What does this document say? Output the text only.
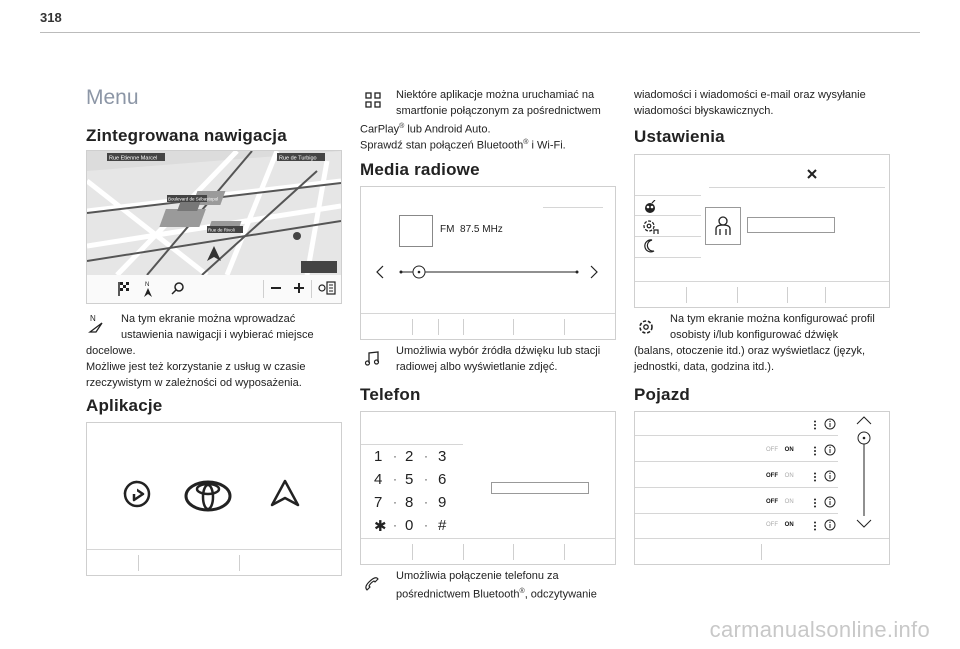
318
Menu
Zintegrowana nawigacja
Rue Etienne Marcel	Rue de Turbigo
Boulevard de Sébastopol
Rue de Rivoli
N
N Na tym ekranie można wprowadzać ustawienia nawigacji i wybierać miejsce
docelowe.
Możliwe jest też korzystanie z usług w czasie rzeczywistym w zależności od wyposażenia.
Aplikacje
Niektóre aplikacje można uruchamiać na smartfonie połączonym za pośrednictwem
CarPlay® lub Android Auto.
Sprawdź stan połączeń Bluetooth® i Wi-Fi.
Media radiowe
FM 87.5 MHz
Umożliwia wybór źródła dźwięku lub stacji radiowej albo wyświetlanie zdjęć.
Telefon
1 · 2 · 3
4 · 5 · 6
7 · 8 · 9
✱ · 0 · #
Umożliwia połączenie telefonu za pośrednictwem Bluetooth®, odczytywanie
wiadomości i wiadomości e-mail oraz wysyłanie wiadomości błyskawicznych.
Ustawienia
Na tym ekranie można konfigurować profil osobisty i/lub konfigurować dźwięk
(balans, otoczenie itd.) oraz wyświetlacz (język, jednostki, data, godzina itd.).
Pojazd
OFF ON
OFF ON
OFF ON
OFF ON
carmanualsonline.info
